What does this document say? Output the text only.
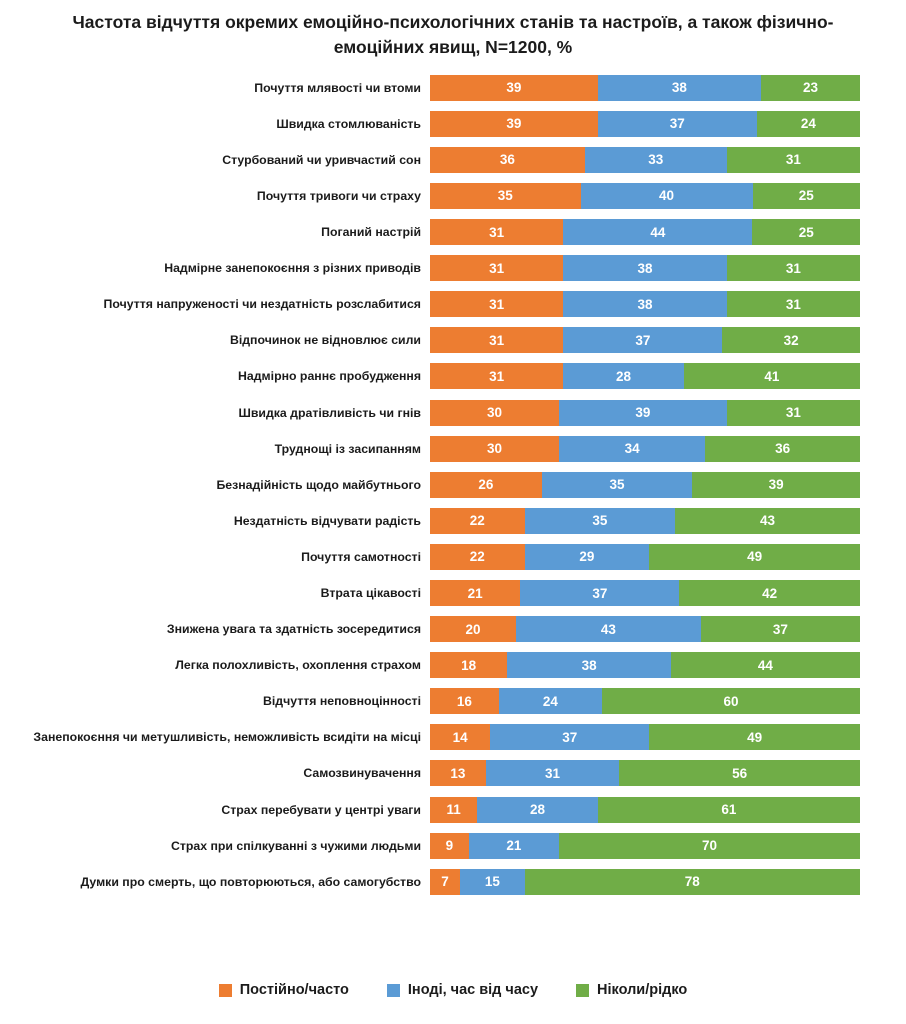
Частота відчуття окремих емоційно-психологічних станів та настроїв, а також фізично-емоційних явищ, N=1200, %
Почуття млявості чи втоми	39	38	23
Швидка стомлюваність	39	37	24
Стурбований чи уривчастий сон	36	33	31
Почуття тривоги чи страху	35	40	25
Поганий настрій	31	44	25
Надмірне занепокоєння з різних приводів	31	38	31
Почуття напруженості чи нездатність розслабитися	31	38	31
Відпочинок не відновлює сили	31	37	32
Надмірно раннє пробудження	31	28	41
Швидка дратівливість чи гнів	30	39	31
Труднощі із засипанням	30	34	36
Безнадійність щодо майбутнього	26	35	39
Нездатність відчувати радість	22	35	43
Почуття самотності	22	29	49
Втрата цікавості	21	37	42
Знижена увага та здатність зосередитися	20	43	37
Легка полохливість, охоплення страхом	18	38	44
Відчуття неповноцінності	16	24	60
Занепокоєння чи метушливість, неможливість всидіти на місці	14	37	49
Самозвинувачення	13	31	56
Страх перебувати у центрі уваги	11	28	61
Страх при спілкуванні з чужими людьми	9	21	70
Думки про смерть, що повторюються, або самогубство	7	15	78
Постійно/часто	Іноді, час від часу	Ніколи/рідко
